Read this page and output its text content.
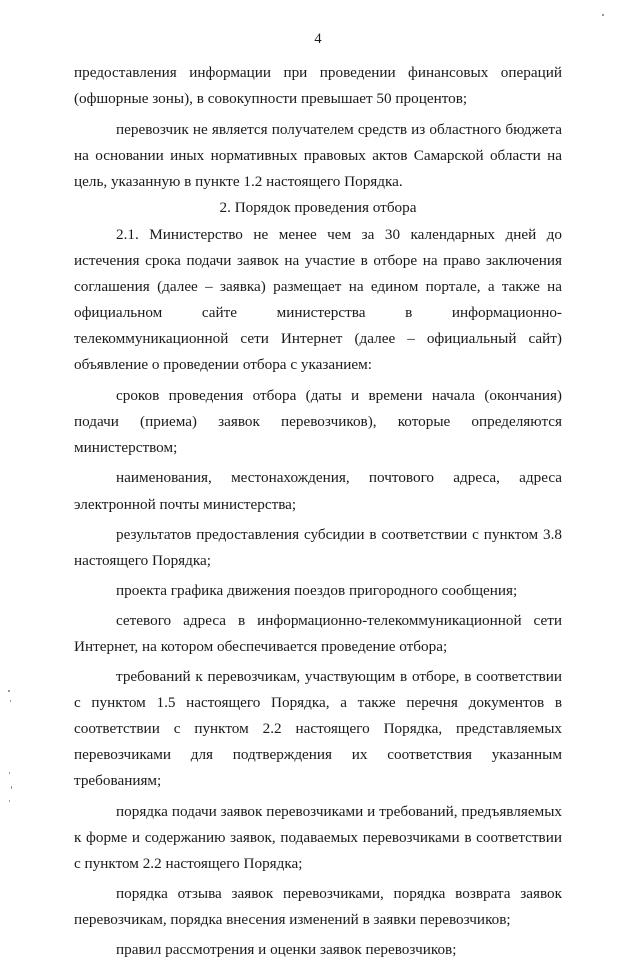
4

предоставления информации при проведении финансовых операций (офшорные зоны), в совокупности превышает 50 процентов;

перевозчик не является получателем средств из областного бюджета на основании иных нормативных правовых актов Самарской области на цель, указанную в пункте 1.2 настоящего Порядка.

2. Порядок проведения отбора

2.1. Министерство не менее чем за 30 календарных дней до истечения срока подачи заявок на участие в отборе на право заключения соглашения (далее – заявка) размещает на едином портале, а также на официальном сайте министерства в информационно-телекоммуникационной сети Интернет (далее – официальный сайт) объявление о проведении отбора с указанием:

сроков проведения отбора (даты и времени начала (окончания) подачи (приема) заявок перевозчиков), которые определяются министерством;

наименования, местонахождения, почтового адреса, адреса электронной почты министерства;

результатов предоставления субсидии в соответствии с пунктом 3.8 настоящего Порядка;

проекта графика движения поездов пригородного сообщения;

сетевого адреса в информационно-телекоммуникационной сети Интернет, на котором обеспечивается проведение отбора;

требований к перевозчикам, участвующим в отборе, в соответствии с пунктом 1.5 настоящего Порядка, а также перечня документов в соответствии с пунктом 2.2 настоящего Порядка, представляемых перевозчиками для подтверждения их соответствия указанным требованиям;

порядка подачи заявок перевозчиками и требований, предъявляемых к форме и содержанию заявок, подаваемых перевозчиками в соответствии с пунктом 2.2 настоящего Порядка;

порядка отзыва заявок перевозчиками, порядка возврата заявок перевозчикам, порядка внесения изменений в заявки перевозчиков;

правил рассмотрения и оценки заявок перевозчиков;
